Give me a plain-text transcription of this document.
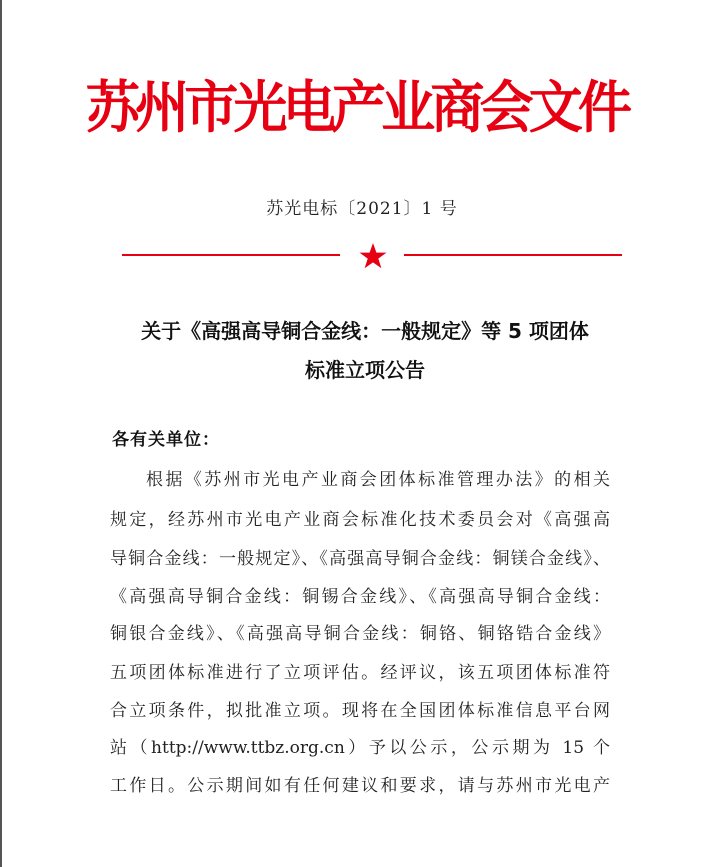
苏州市光电产业商会文件
苏光电标〔2021〕1 号
关于《高强高导铜合金线：一般规定》等 5 项团体
标准立项公告
各有关单位：
根据《苏州市光电产业商会团体标准管理办法》的相关
规定，经苏州市光电产业商会标准化技术委员会对《高强高
导铜合金线：一般规定》、《高强高导铜合金线：铜镁合金线》、
《高强高导铜合金线：铜锡合金线》、《高强高导铜合金线：
铜银合金线》、《高强高导铜合金线：铜铬、铜铬锆合金线》
五项团体标准进行了立项评估。经评议，该五项团体标准符
合立项条件，拟批准立项。现将在全国团体标准信息平台网
站（http://www.ttbz.org.cn）予以公示，公示期为 15 个
工作日。公示期间如有任何建议和要求，请与苏州市光电产
